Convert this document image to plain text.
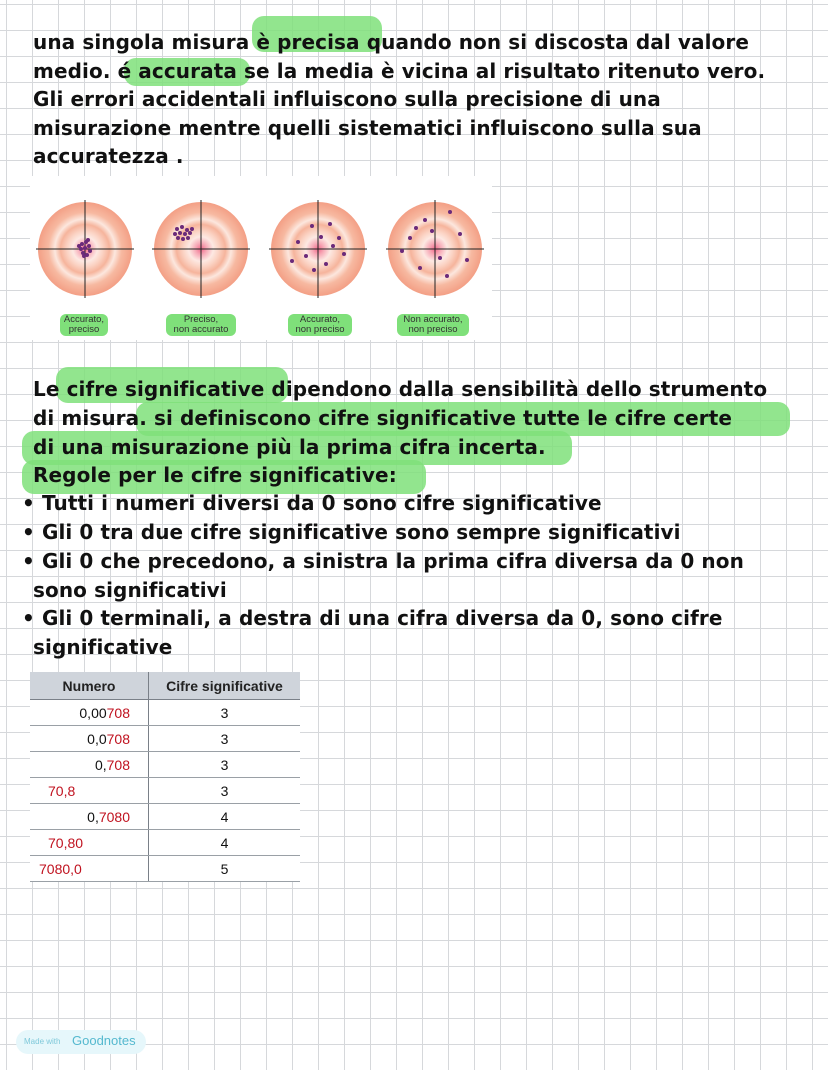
una singola misura è precisa quando non si discosta dal valore
medio. é accurata se la media è vicina al risultato ritenuto vero.
Gli errori accidentali influiscono sulla precisione di una
misurazione mentre quelli sistematici influiscono sulla sua
accuratezza .
Accurato,
preciso
Preciso,
non accurato
Accurato,
non preciso
Non accurato,
non preciso
Le cifre significative dipendono dalla sensibilità dello strumento
di misura. si definiscono cifre significative tutte le cifre certe
di una misurazione più la prima cifra incerta.
Regole per le cifre significative:
• Tutti i numeri diversi da 0 sono cifre significative
• Gli 0 tra due cifre significative sono sempre significativi
• Gli 0 che precedono, a sinistra la prima cifra diversa da 0 non
sono significativi
• Gli 0 terminali, a destra di una cifra diversa da 0, sono cifre
significative
Numero	Cifre significative
0,00708	3
0,0708	3
0,708	3
70,8	3
0,7080	4
70,80	4
7080,0	5
Made with Goodnotes
